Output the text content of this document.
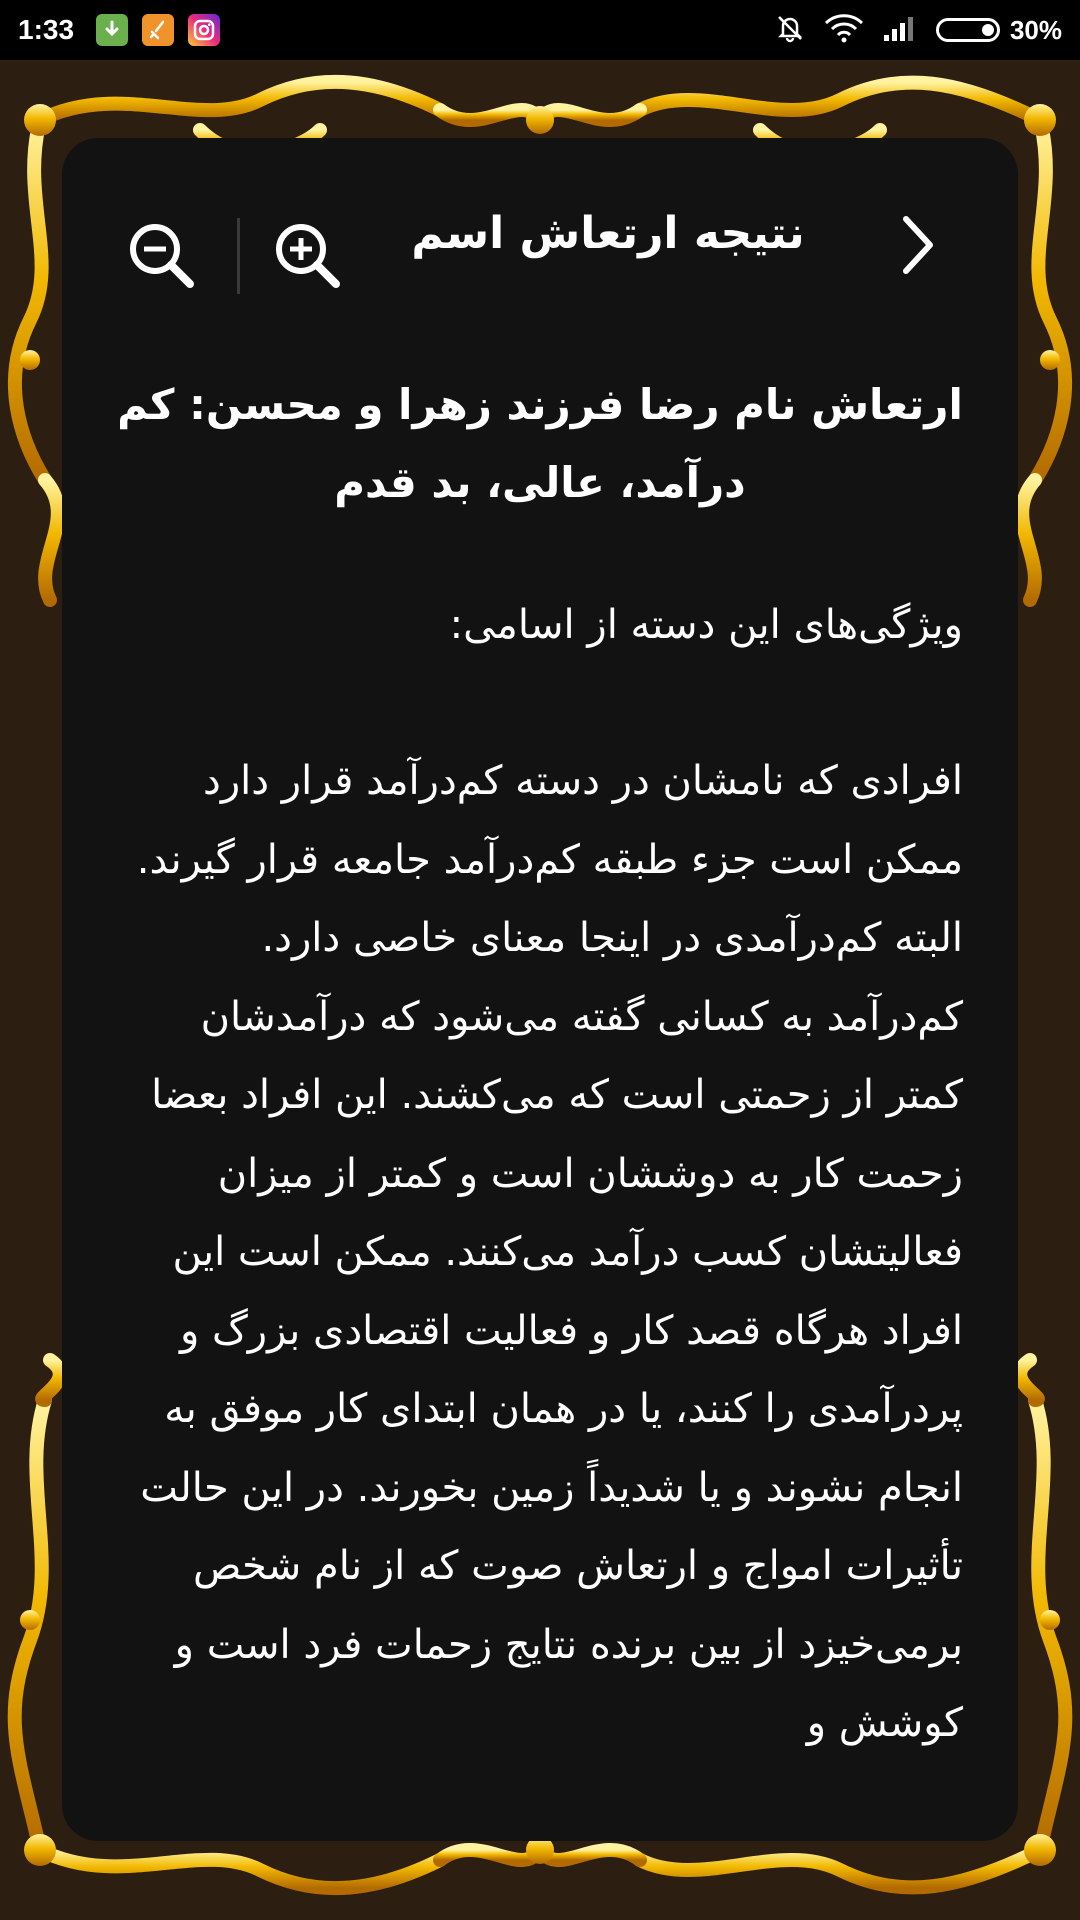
1:33	30%
نتیجه ارتعاش اسم

ارتعاش نام رضا فرزند زهرا و محسن: کم درآمد، عالی، بد قدم

ویژگی‌های این دسته از اسامی:

افرادی که نامشان در دسته کم‌درآمد قرار دارد ممکن است جزء طبقه کم‌درآمد جامعه قرار گیرند. البته کم‌درآمدی در اینجا معنای خاصی دارد. کم‌درآمد به کسانی گفته می‌شود که درآمدشان کمتر از زحمتی است که می‌کشند. این افراد بعضا زحمت کار به دوششان است و کمتر از میزان فعالیتشان کسب درآمد می‌کنند. ممکن است این افراد هرگاه قصد کار و فعالیت اقتصادی بزرگ و پردرآمدی را کنند، یا در همان ابتدای کار موفق به انجام نشوند و یا شدیداً زمین بخورند. در این حالت تأثیرات امواج و ارتعاش صوت که از نام شخص برمی‌خیزد از بین برنده نتایج زحمات فرد است و کوشش و
